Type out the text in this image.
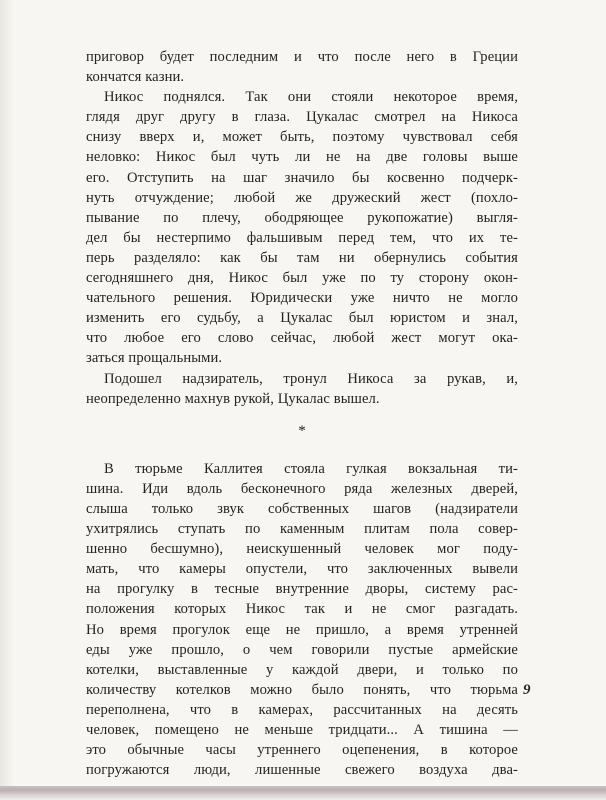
приговор будет последним и что после него в Греции
кончатся казни.
Никос поднялся. Так они стояли некоторое время,
глядя друг другу в глаза. Цукалас смотрел на Никоса
снизу вверх и, может быть, поэтому чувствовал себя
неловко: Никос был чуть ли не на две головы выше
его. Отступить на шаг значило бы косвенно подчерк-
нуть отчуждение; любой же дружеский жест (похло-
пывание по плечу, ободряющее рукопожатие) выгля-
дел бы нестерпимо фальшивым перед тем, что их те-
перь разделяло: как бы там ни обернулись события
сегодняшнего дня, Никос был уже по ту сторону окон-
чательного решения. Юридически уже ничто не могло
изменить его судьбу, а Цукалас был юристом и знал,
что любое его слово сейчас, любой жест могут ока-
заться прощальными.
Подошел надзиратель, тронул Никоса за рукав, и,
неопределенно махнув рукой, Цукалас вышел.
*
В тюрьме Каллитея стояла гулкая вокзальная ти-
шина. Иди вдоль бесконечного ряда железных дверей,
слыша только звук собственных шагов (надзиратели
ухитрялись ступать по каменным плитам пола совер-
шенно бесшумно), неискушенный человек мог поду-
мать, что камеры опустели, что заключенных вывели
на прогулку в тесные внутренние дворы, систему рас-
положения которых Никос так и не смог разгадать.
Но время прогулок еще не пришло, а время утренней
еды уже прошло, о чем говорили пустые армейские
котелки, выставленные у каждой двери, и только по
количеству котелков можно было понять, что тюрьма
переполнена, что в камерах, рассчитанных на десять
человек, помещено не меньше тридцати... А тишина —
это обычные часы утреннего оцепенения, в которое
погружаются люди, лишенные свежего воздуха два-
9
